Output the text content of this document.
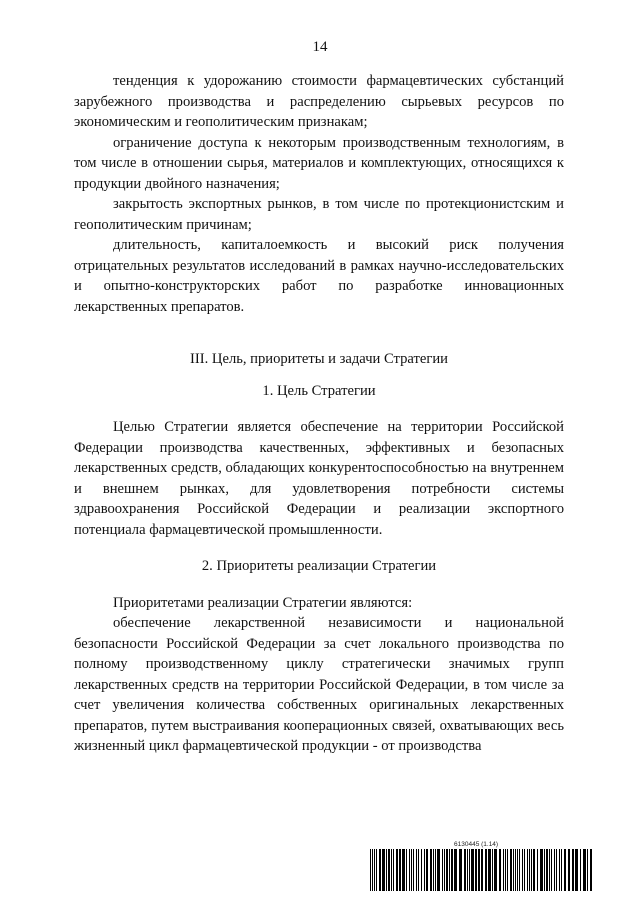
14

тенденция к удорожанию стоимости фармацевтических субстанций зарубежного производства и распределению сырьевых ресурсов по экономическим и геополитическим признакам;

ограничение доступа к некоторым производственным технологиям, в том числе в отношении сырья, материалов и комплектующих, относящихся к продукции двойного назначения;

закрытость экспортных рынков, в том числе по протекционистским и геополитическим причинам;

длительность, капиталоемкость и высокий риск получения отрицательных результатов исследований в рамках научно-исследовательских и опытно-конструкторских работ по разработке инновационных лекарственных препаратов.

III. Цель, приоритеты и задачи Стратегии

1. Цель Стратегии

Целью Стратегии является обеспечение на территории Российской Федерации производства качественных, эффективных и безопасных лекарственных средств, обладающих конкурентоспособностью на внутреннем и внешнем рынках, для удовлетворения потребности системы здравоохранения Российской Федерации и реализации экспортного потенциала фармацевтической промышленности.

2. Приоритеты реализации Стратегии

Приоритетами реализации Стратегии являются:

обеспечение лекарственной независимости и национальной безопасности Российской Федерации за счет локального производства по полному производственному циклу стратегически значимых групп лекарственных средств на территории Российской Федерации, в том числе за счет увеличения количества собственных оригинальных лекарственных препаратов, путем выстраивания кооперационных связей, охватывающих весь жизненный цикл фармацевтической продукции - от производства

6130445 (1.14)
